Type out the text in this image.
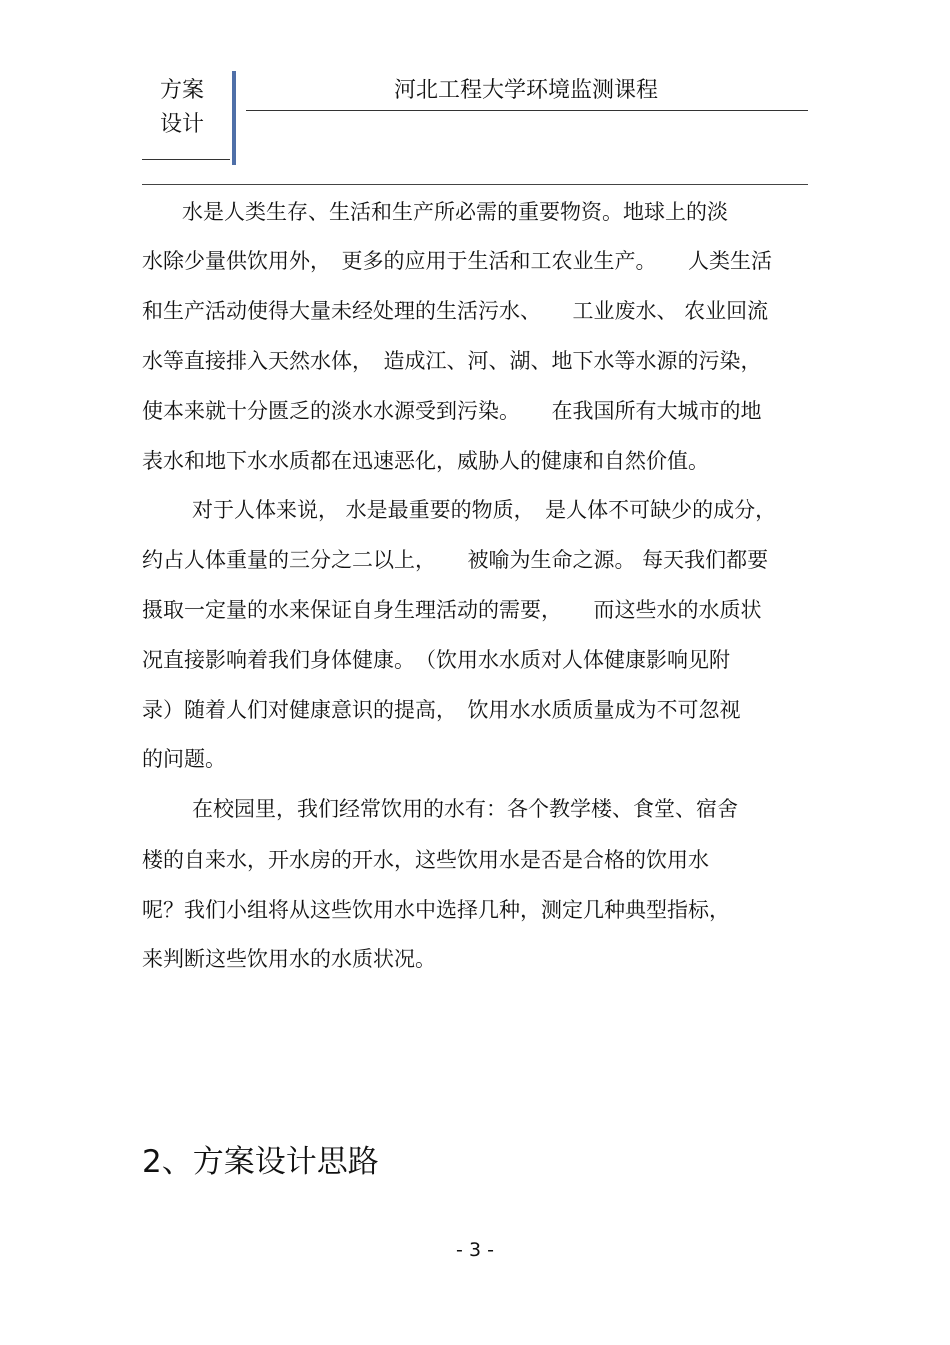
方案
设计
河北工程大学环境监测课程
水是人类生存、生活和生产所必需的重要物资。地球上的淡
水除少量供饮用外，　更多的应用于生活和工农业生产。　　人类生活
和生产活动使得大量未经处理的生活污水、　　工业废水、 农业回流
水等直接排入天然水体，　造成江、河、湖、地下水等水源的污染，
使本来就十分匮乏的淡水水源受到污染。　　在我国所有大城市的地
表水和地下水水质都在迅速恶化，威胁人的健康和自然价值。
对于人体来说， 水是最重要的物质，　是人体不可缺少的成分，
约占人体重量的三分之二以上，　　被喻为生命之源。 每天我们都要
摄取一定量的水来保证自身生理活动的需要，　　而这些水的水质状
况直接影响着我们身体健康。　（饮用水水质对人体健康影响见附
录）随着人们对健康意识的提高，　饮用水水质质量成为不可忽视
的问题。
在校园里，我们经常饮用的水有：各个教学楼、食堂、宿舍
楼的自来水，开水房的开水，这些饮用水是否是合格的饮用水
呢？我们小组将从这些饮用水中选择几种，测定几种典型指标，
来判断这些饮用水的水质状况。
2、方案设计思路
- 3 -
